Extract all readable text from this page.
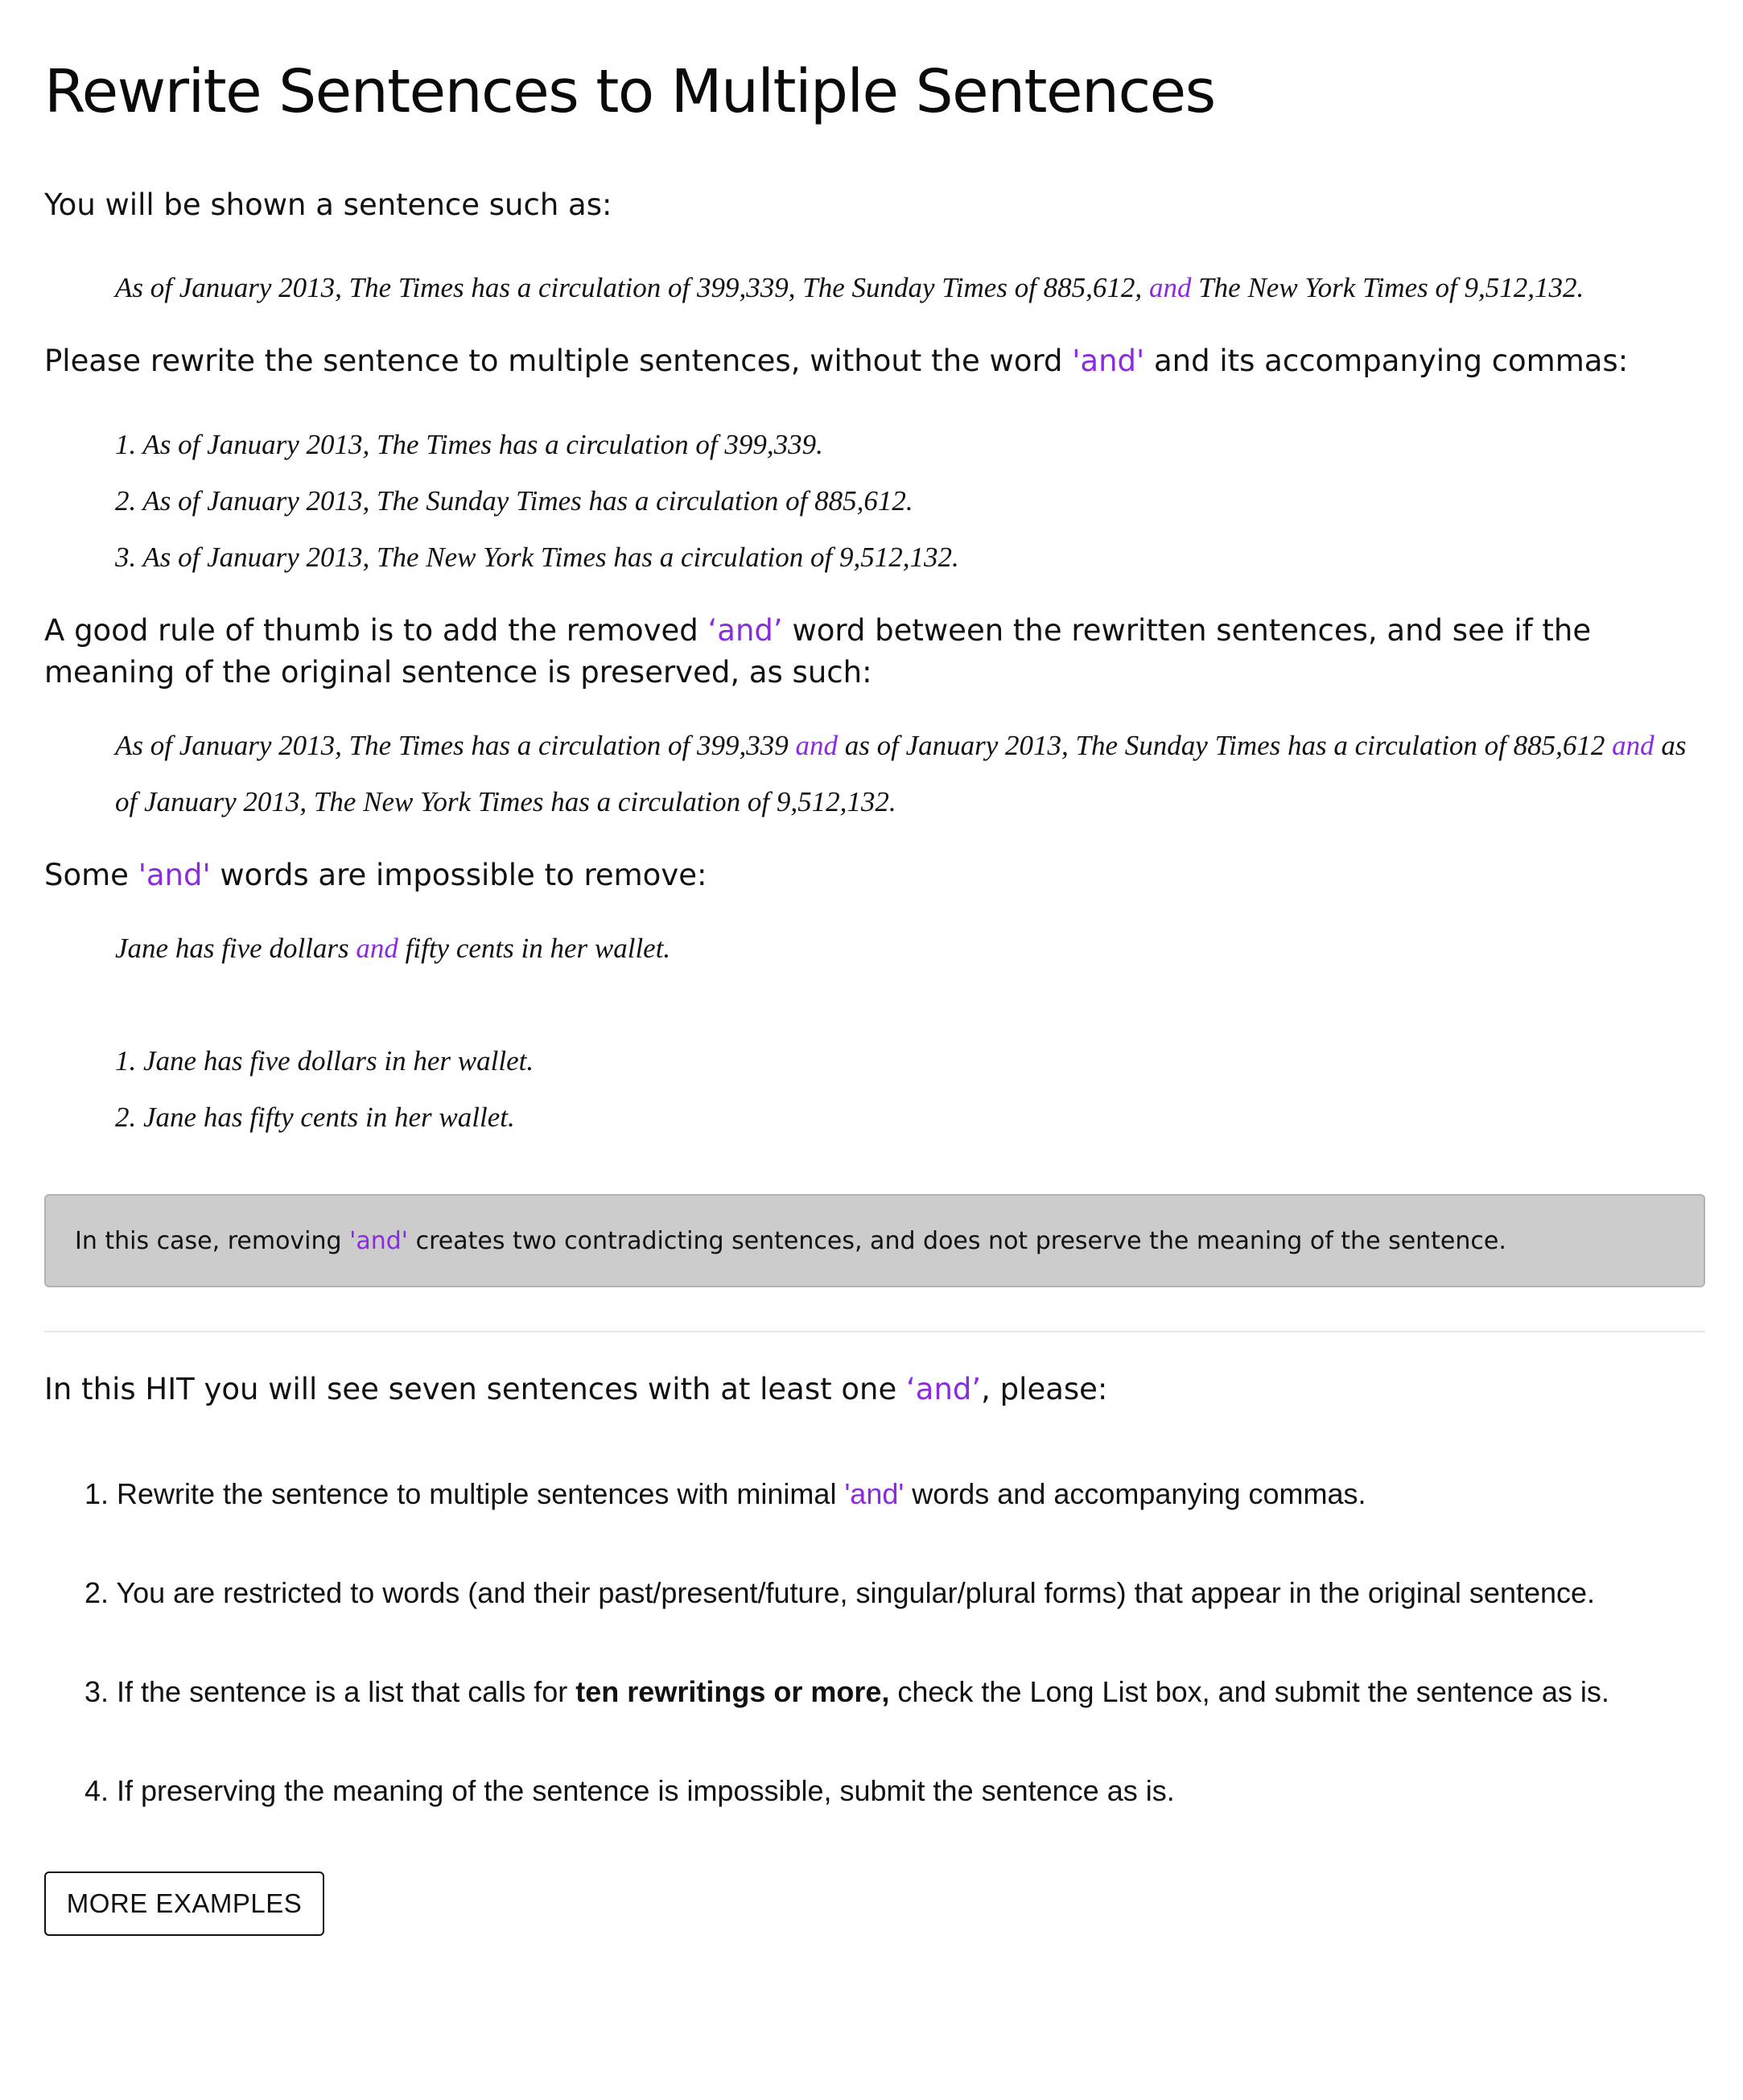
Rewrite Sentences to Multiple Sentences

You will be shown a sentence such as:

As of January 2013, The Times has a circulation of 399,339, The Sunday Times of 885,612, and The New York Times of 9,512,132.

Please rewrite the sentence to multiple sentences, without the word 'and' and its accompanying commas:

1. As of January 2013, The Times has a circulation of 399,339.
2. As of January 2013, The Sunday Times has a circulation of 885,612.
3. As of January 2013, The New York Times has a circulation of 9,512,132.

A good rule of thumb is to add the removed ‘and’ word between the rewritten sentences, and see if the meaning of the original sentence is preserved, as such:

As of January 2013, The Times has a circulation of 399,339 and as of January 2013, The Sunday Times has a circulation of 885,612 and as of January 2013, The New York Times has a circulation of 9,512,132.

Some 'and' words are impossible to remove:

Jane has five dollars and fifty cents in her wallet.

1. Jane has five dollars in her wallet.
2. Jane has fifty cents in her wallet.
In this case, removing 'and' creates two contradicting sentences, and does not preserve the meaning of the sentence.

In this HIT you will see seven sentences with at least one ‘and’, please:

1. Rewrite the sentence to multiple sentences with minimal 'and' words and accompanying commas.
2. You are restricted to words (and their past/present/future, singular/plural forms) that appear in the original sentence.
3. If the sentence is a list that calls for ten rewritings or more, check the Long List box, and submit the sentence as is.
4. If preserving the meaning of the sentence is impossible, submit the sentence as is.
MORE EXAMPLES
